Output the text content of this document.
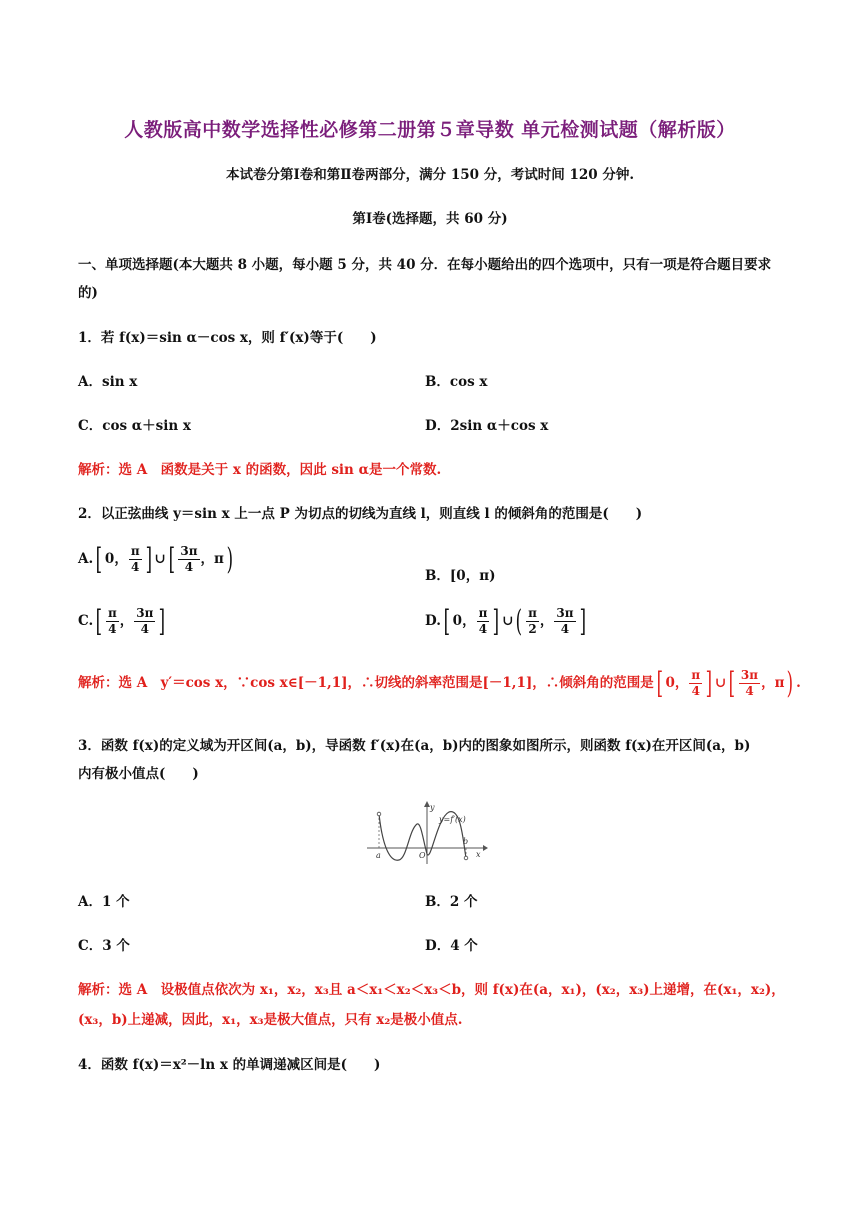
人教版高中数学选择性必修第二册第５章导数 单元检测试题（解析版）
本试卷分第Ⅰ卷和第Ⅱ卷两部分，满分 150 分，考试时间 120 分钟.
第Ⅰ卷(选择题，共 60 分)
一、单项选择题(本大题共 8 小题，每小题 5 分，共 40 分．在每小题给出的四个选项中，只有一项是符合题目要求的)
1．若 f(x)＝sin α－cos x，则 f′(x)等于(　　)
A．sin x	B．cos x
C．cos α＋sin x	D．2sin α＋cos x
解析：选 A　函数是关于 x 的函数，因此 sin α是一个常数.
2．以正弦曲线 y＝sin x 上一点 P 为切点的切线为直线 l，则直线 l 的倾斜角的范围是(　　)
A.[ 0， $\frac{\pi}{4}$ ] ∪[ $\frac{3\pi}{4}$ ，π)	B．[0，π)
$C.[ \frac{\pi}{4}$ ， $\frac{3\pi}{4}$ ]	D.[ 0， $\frac{\pi}{4}$ ] ∪( $\frac{\pi}{2}$ ， $\frac{3\pi}{4}$ ]
解析：选 A　y′＝cos x，∵cos x∈[－1,1]，∴切线的斜率范围是[－1,1]，∴倾斜角的范围是[ 0， $\frac{\pi}{4}$ ] ∪[ $\frac{3\pi}{4}$ ，π) .
3．函数 f(x)的定义域为开区间(a，b)，导函数 f′(x)在(a，b)内的图象如图所示，则函数 f(x)在开区间(a，b)
内有极小值点(　　)
y
y=f′(x)
a
b
O	x
A．1 个	B．2 个
C．3 个	D．4 个
解析：选 A　设极值点依次为 x₁，x₂，x₃且 a＜x₁＜x₂＜x₃＜b，则 f(x)在(a，x₁)，(x₂，x₃)上递增，在(x₁，x₂)，
(x₃，b)上递减，因此，x₁，x₃是极大值点，只有 x₂是极小值点.
4．函数 f(x)＝x²－ln x 的单调递减区间是(　　)
